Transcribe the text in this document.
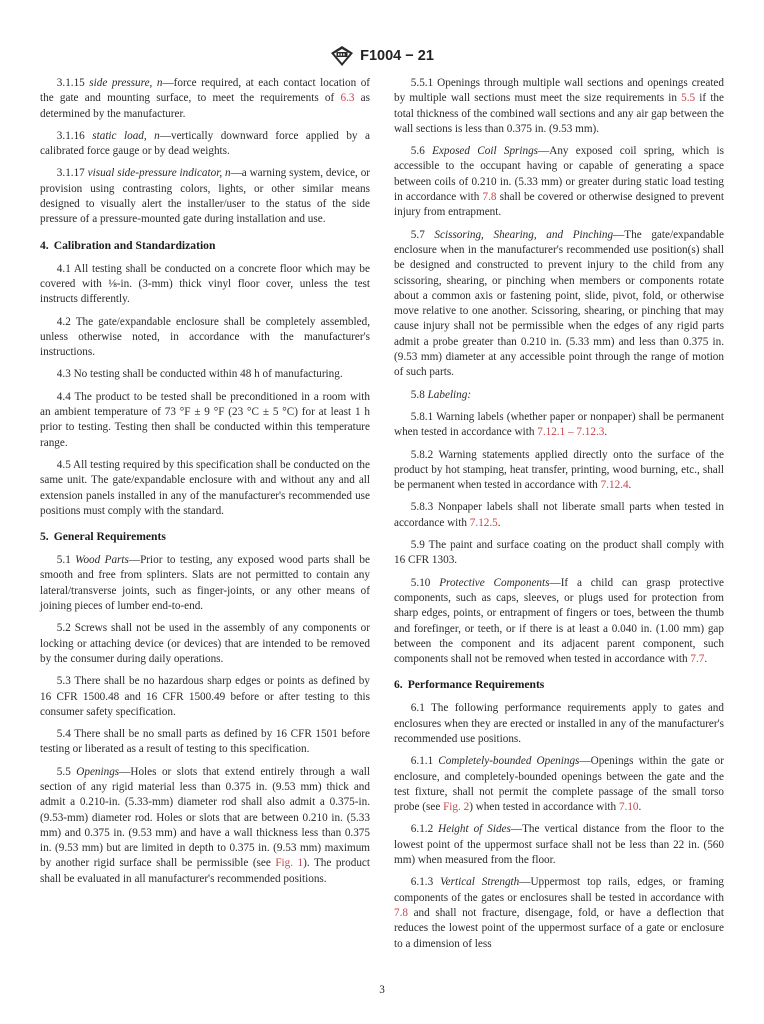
F1004 − 21

3.1.15 side pressure, n—force required, at each contact location of the gate and mounting surface, to meet the requirements of 6.3 as determined by the manufacturer.

3.1.16 static load, n—vertically downward force applied by a calibrated force gauge or by dead weights.

3.1.17 visual side-pressure indicator, n—a warning system, device, or provision using contrasting colors, lights, or other similar means designed to visually alert the installer/user to the status of the side pressure of a pressure-mounted gate during installation and use.

4. Calibration and Standardization

4.1 All testing shall be conducted on a concrete floor which may be covered with ⅛-in. (3-mm) thick vinyl floor cover, unless the test instructs differently.

4.2 The gate/expandable enclosure shall be completely assembled, unless otherwise noted, in accordance with the manufacturer's instructions.

4.3 No testing shall be conducted within 48 h of manufacturing.

4.4 The product to be tested shall be preconditioned in a room with an ambient temperature of 73 °F ± 9 °F (23 °C ± 5 °C) for at least 1 h prior to testing. Testing then shall be conducted within this temperature range.

4.5 All testing required by this specification shall be conducted on the same unit. The gate/expandable enclosure with and without any and all extension panels installed in any of the manufacturer's recommended use positions must comply with the standard.

5. General Requirements

5.1 Wood Parts—Prior to testing, any exposed wood parts shall be smooth and free from splinters. Slats are not permitted to contain any lateral/transverse joints, such as finger-joints, or any other means of joining pieces of lumber end-to-end.

5.2 Screws shall not be used in the assembly of any components or locking or attaching device (or devices) that are intended to be removed by the consumer during daily operations.

5.3 There shall be no hazardous sharp edges or points as defined by 16 CFR 1500.48 and 16 CFR 1500.49 before or after testing to this consumer safety specification.

5.4 There shall be no small parts as defined by 16 CFR 1501 before testing or liberated as a result of testing to this specification.

5.5 Openings—Holes or slots that extend entirely through a wall section of any rigid material less than 0.375 in. (9.53 mm) thick and admit a 0.210-in. (5.33-mm) diameter rod shall also admit a 0.375-in. (9.53-mm) diameter rod. Holes or slots that are between 0.210 in. (5.33 mm) and 0.375 in. (9.53 mm) and have a wall thickness less than 0.375 in. (9.53 mm) but are limited in depth to 0.375 in. (9.53 mm) maximum by another rigid surface shall be permissible (see Fig. 1). The product shall be evaluated in all manufacturer's recommended positions.

5.5.1 Openings through multiple wall sections and openings created by multiple wall sections must meet the size requirements in 5.5 if the total thickness of the combined wall sections and any air gap between the wall sections is less than 0.375 in. (9.53 mm).

5.6 Exposed Coil Springs—Any exposed coil spring, which is accessible to the occupant having or capable of generating a space between coils of 0.210 in. (5.33 mm) or greater during static load testing in accordance with 7.8 shall be covered or otherwise designed to prevent injury from entrapment.

5.7 Scissoring, Shearing, and Pinching—The gate/expandable enclosure when in the manufacturer's recommended use position(s) shall be designed and constructed to prevent injury to the child from any scissoring, shearing, or pinching when members or components rotate about a common axis or fastening point, slide, pivot, fold, or otherwise move relative to one another. Scissoring, shearing, or pinching that may cause injury shall not be permissible when the edges of any rigid parts admit a probe greater than 0.210 in. (5.33 mm) and less than 0.375 in. (9.53 mm) diameter at any accessible point through the range of motion of such parts.

5.8 Labeling:

5.8.1 Warning labels (whether paper or nonpaper) shall be permanent when tested in accordance with 7.12.1 – 7.12.3.

5.8.2 Warning statements applied directly onto the surface of the product by hot stamping, heat transfer, printing, wood burning, etc., shall be permanent when tested in accordance with 7.12.4.

5.8.3 Nonpaper labels shall not liberate small parts when tested in accordance with 7.12.5.

5.9 The paint and surface coating on the product shall comply with 16 CFR 1303.

5.10 Protective Components—If a child can grasp protective components, such as caps, sleeves, or plugs used for protection from sharp edges, points, or entrapment of fingers or toes, between the thumb and forefinger, or teeth, or if there is at least a 0.040 in. (1.00 mm) gap between the component and its adjacent parent component, such components shall not be removed when tested in accordance with 7.7.

6. Performance Requirements

6.1 The following performance requirements apply to gates and enclosures when they are erected or installed in any of the manufacturer's recommended use positions.

6.1.1 Completely-bounded Openings—Openings within the gate or enclosure, and completely-bounded openings between the gate and the test fixture, shall not permit the complete passage of the small torso probe (see Fig. 2) when tested in accordance with 7.10.

6.1.2 Height of Sides—The vertical distance from the floor to the lowest point of the uppermost surface shall not be less than 22 in. (560 mm) when measured from the floor.

6.1.3 Vertical Strength—Uppermost top rails, edges, or framing components of the gates or enclosures shall be tested in accordance with 7.8 and shall not fracture, disengage, fold, or have a deflection that reduces the lowest point of the uppermost surface of a gate or enclosure to a dimension of less

3
